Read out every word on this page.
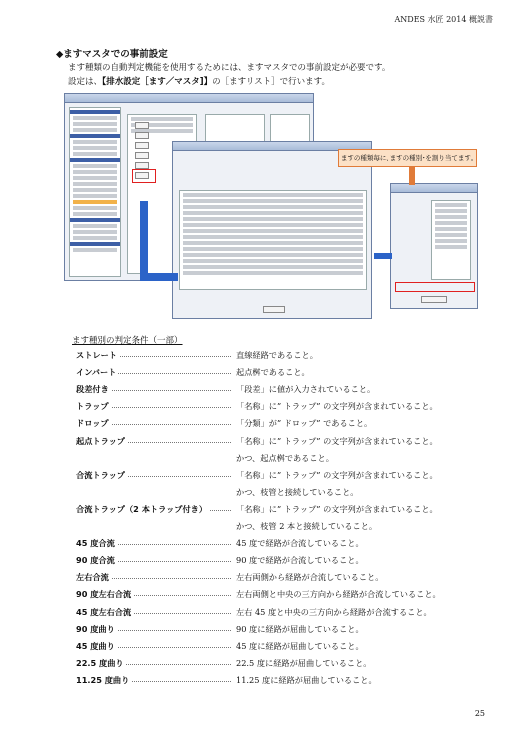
ANDES 水匠 2014 概説書
◆ますマスタでの事前設定
ます種類の自動判定機能を使用するためには、ますマスタでの事前設定が必要です。
設定は、【排水設定［ます／マスタ]】の［ますリスト］で行います。
ますの種類毎に､ますの種別･を割り当てます｡
ます種別の判定条件（一部）
ストレート	直線経路であること。
インバート	起点桝であること。
段差付き	「段差」に値が入力されていること。
トラップ	「名称」に” トラップ” の文字列が含まれていること。
ドロップ	「分類」が” ドロップ” であること。
起点トラップ	「名称」に” トラップ” の文字列が含まれていること。
かつ、起点桝であること。
合流トラップ	「名称」に” トラップ” の文字列が含まれていること。
かつ、枝管と接続していること。
合流トラップ（2 本トラップ付き）	「名称」に” トラップ” の文字列が含まれていること。
かつ、枝管 2 本と接続していること。
45 度合流	45 度で経路が合流していること。
90 度合流	90 度で経路が合流していること。
左右合流	左右両側から経路が合流していること。
90 度左右合流	左右両側と中央の三方向から経路が合流していること。
45 度左右合流	左右 45 度と中央の三方向から経路が合流すること。
90 度曲り	90 度に経路が屈曲していること。
45 度曲り	45 度に経路が屈曲していること。
22.5 度曲り	22.5 度に経路が屈曲していること。
11.25 度曲り	11.25 度に経路が屈曲していること。
25
